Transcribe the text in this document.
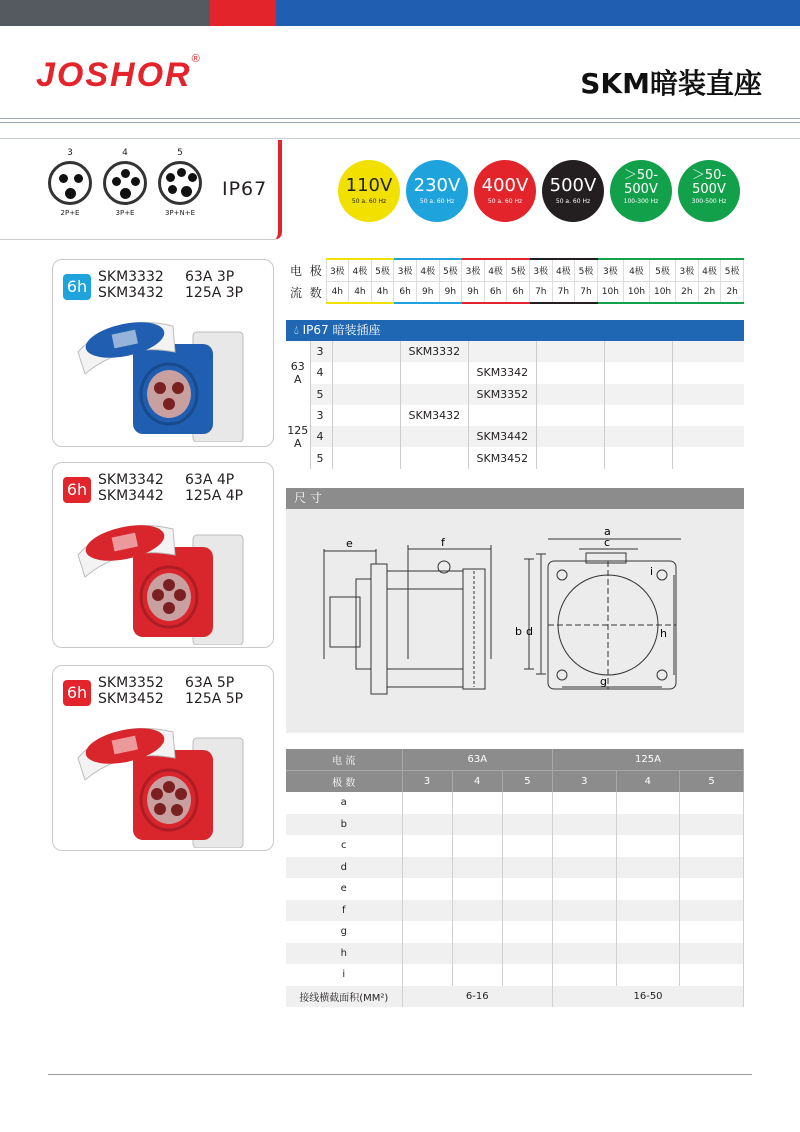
JOSHOR®
SKM暗装直座
3
2P+E
4
3P+E
5
3P+N+E
IP67	110V
50 a. 60 Hz
230V
50 a. 60 Hz
400V
50 a. 60 Hz
500V
50 a. 60 Hz
＞50-
500V
100-300 Hz
＞50-
500V
300-500 Hz
6h SKM3332
SKM3432
63A 3P
125A 3P
6h SKM3342
SKM3442
63A 4P
125A 4P
6h SKM3352
SKM3452
63A 5P
125A 5P
电	极	3极	4极	5极	3极	4极	5极	3极	4极	5极	3极	4极	5极	3极	4极	5极	3极	4极	5极
流	数	4h	4h	4h	6h	9h	9h	9h	6h	6h	7h	7h	7h	10h	10h	10h	2h	2h	2h
💧︎ IP67 暗装插座
63
A	3		SKM3332				
	4			SKM3342			
	5			SKM3352			
125
A	3		SKM3432				
	4			SKM3442			
	5			SKM3452			
尺 寸
e	f
b d
a
c
i
h
g
电 流	63A			125A		
极 数	3	4	5	3	4	5
a						
b						
c						
d						
e						
f						
g						
h						
i						
接线横截面积(MM²)	6-16			16-50		
